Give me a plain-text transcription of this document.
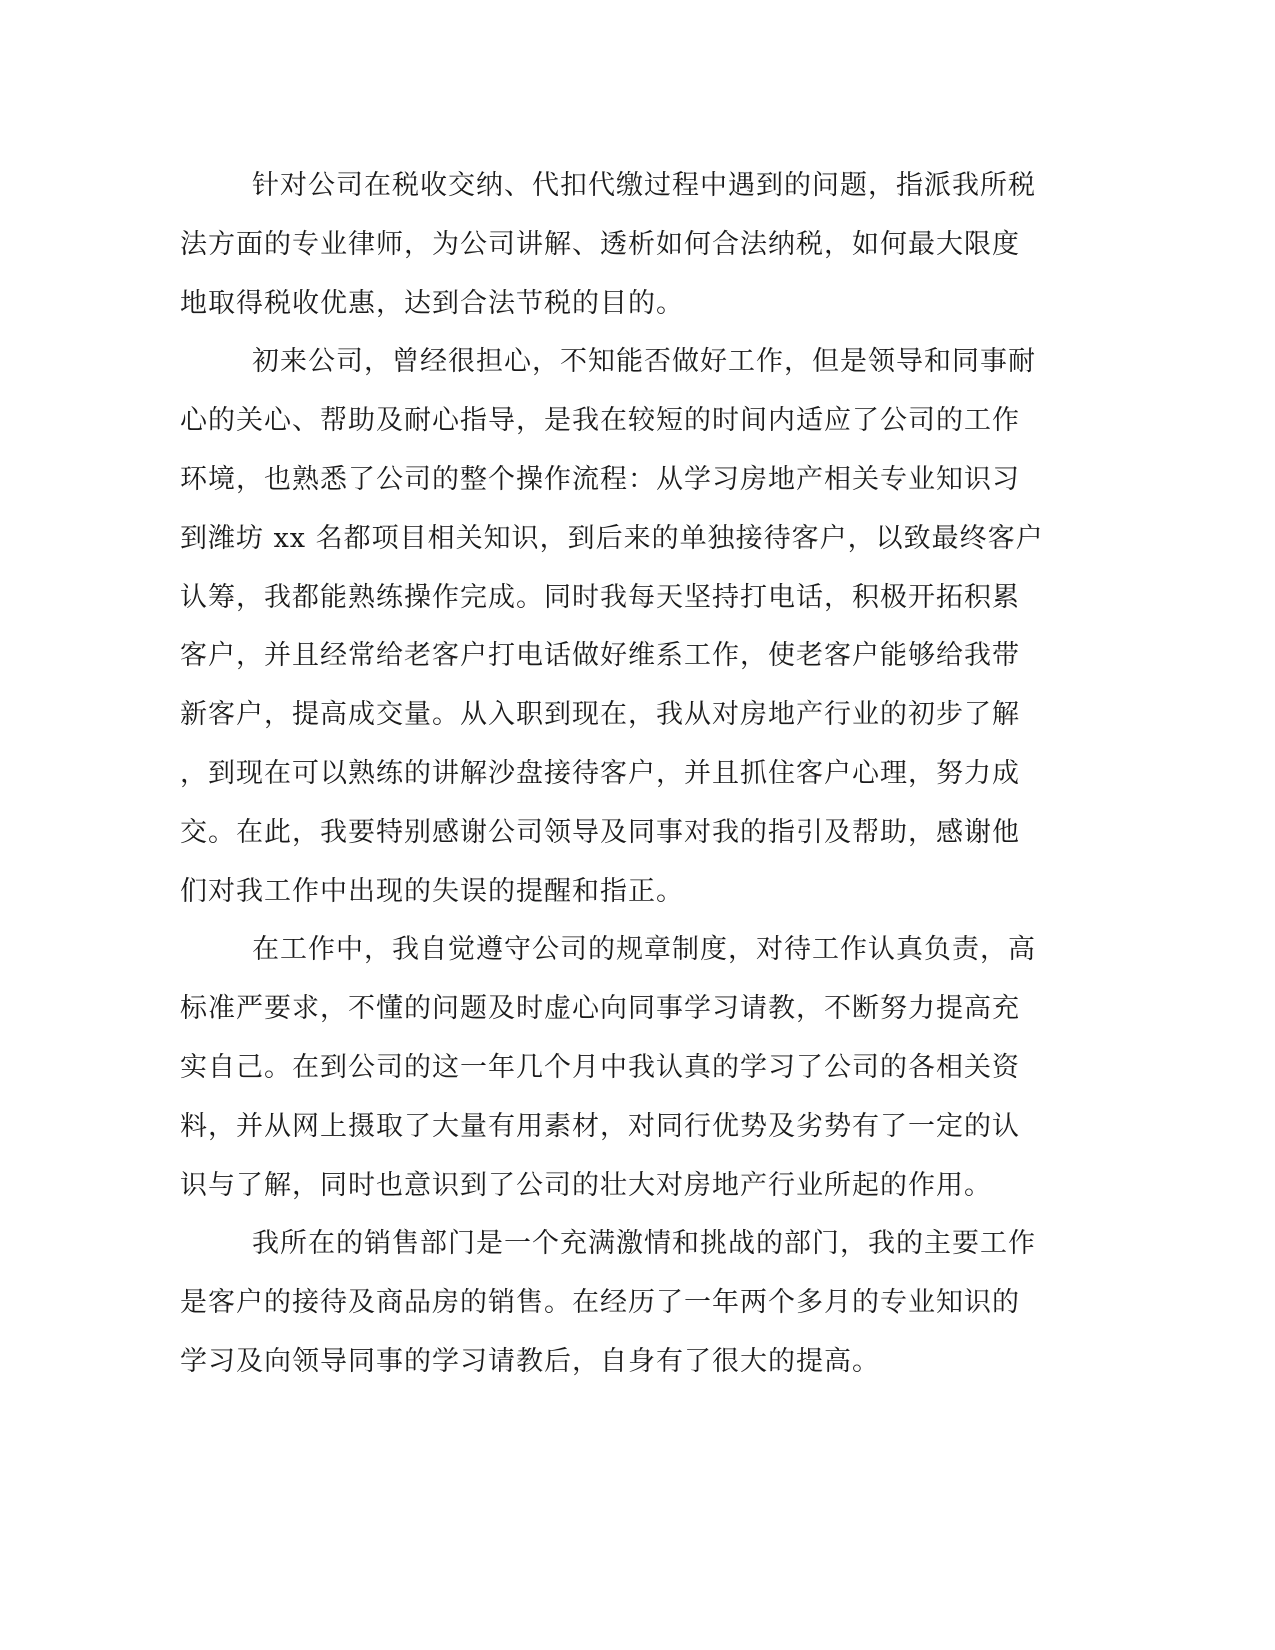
针对公司在税收交纳、代扣代缴过程中遇到的问题，指派我所税
法方面的专业律师，为公司讲解、透析如何合法纳税，如何最大限度
地取得税收优惠，达到合法节税的目的。
初来公司，曾经很担心，不知能否做好工作，但是领导和同事耐
心的关心、帮助及耐心指导，是我在较短的时间内适应了公司的工作
环境，也熟悉了公司的整个操作流程：从学习房地产相关专业知识习
到潍坊 xx 名都项目相关知识，到后来的单独接待客户，以致最终客户
认筹，我都能熟练操作完成。同时我每天坚持打电话，积极开拓积累
客户，并且经常给老客户打电话做好维系工作，使老客户能够给我带
新客户，提高成交量。从入职到现在，我从对房地产行业的初步了解
，到现在可以熟练的讲解沙盘接待客户，并且抓住客户心理，努力成
交。在此，我要特别感谢公司领导及同事对我的指引及帮助，感谢他
们对我工作中出现的失误的提醒和指正。
在工作中，我自觉遵守公司的规章制度，对待工作认真负责，高
标准严要求，不懂的问题及时虚心向同事学习请教，不断努力提高充
实自己。在到公司的这一年几个月中我认真的学习了公司的各相关资
料，并从网上摄取了大量有用素材，对同行优势及劣势有了一定的认
识与了解，同时也意识到了公司的壮大对房地产行业所起的作用。
我所在的销售部门是一个充满激情和挑战的部门，我的主要工作
是客户的接待及商品房的销售。在经历了一年两个多月的专业知识的
学习及向领导同事的学习请教后，自身有了很大的提高。
